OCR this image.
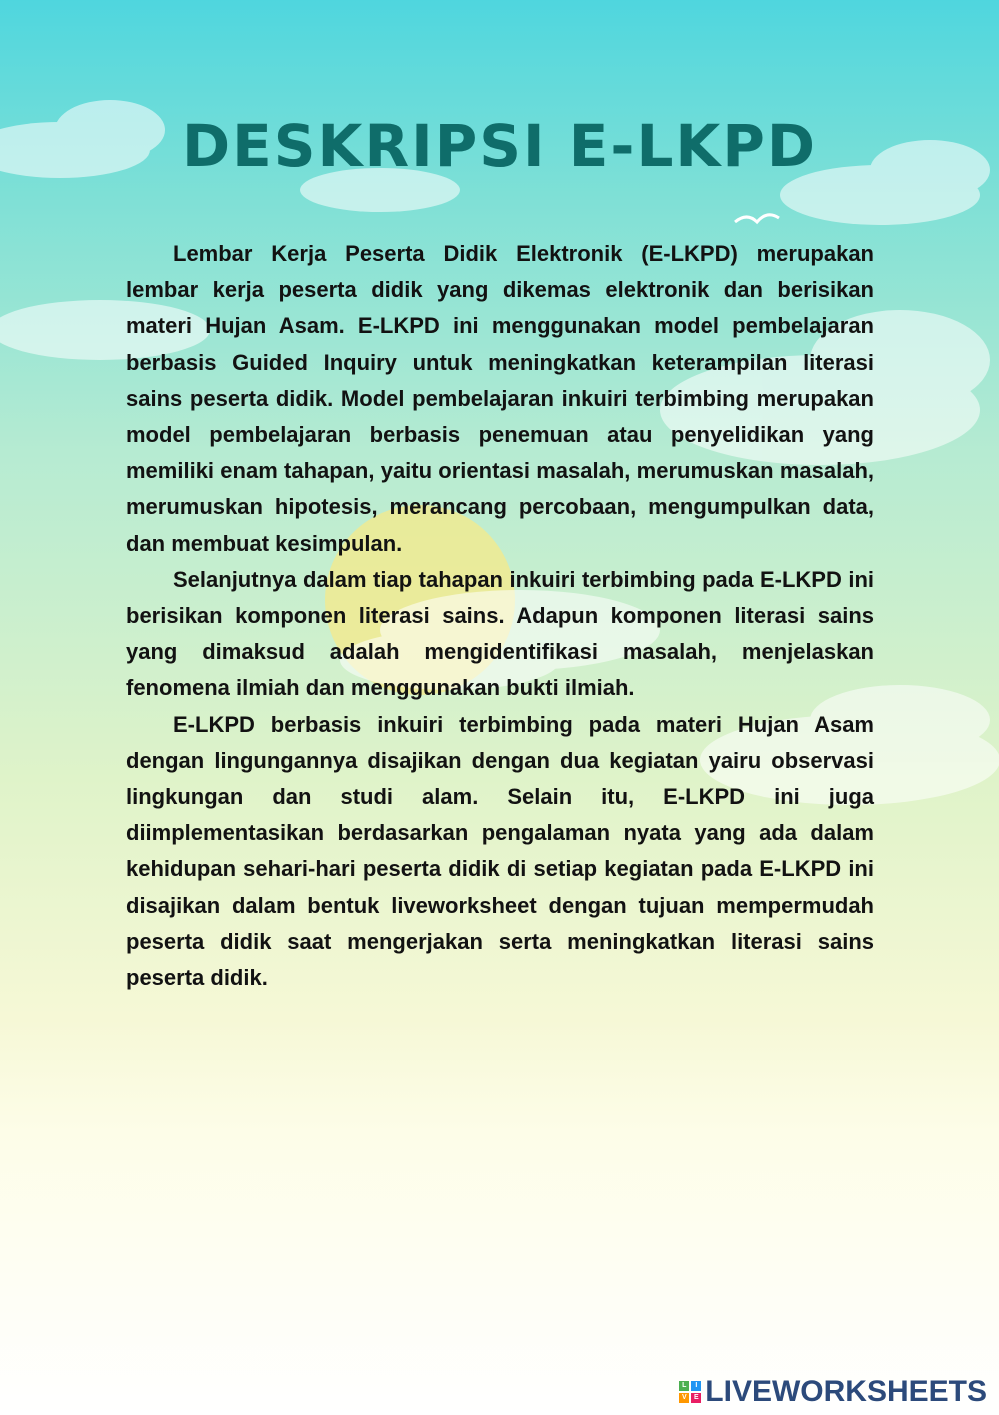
DESKRIPSI E-LKPD

Lembar Kerja Peserta Didik Elektronik (E-LKPD) merupakan lembar kerja peserta didik yang dikemas elektronik dan berisikan materi Hujan Asam. E-LKPD ini menggunakan model pembelajaran berbasis Guided Inquiry untuk meningkatkan keterampilan literasi sains peserta didik. Model pembelajaran inkuiri terbimbing merupakan model pembelajaran berbasis penemuan atau penyelidikan yang memiliki enam tahapan, yaitu orientasi masalah, merumuskan masalah, merumuskan hipotesis, merancang percobaan, mengumpulkan data, dan membuat kesimpulan.

Selanjutnya dalam tiap tahapan inkuiri terbimbing pada E-LKPD ini berisikan komponen literasi sains. Adapun komponen literasi sains yang dimaksud adalah mengidentifikasi masalah, menjelaskan fenomena ilmiah dan menggunakan bukti ilmiah.

E-LKPD berbasis inkuiri terbimbing pada materi Hujan Asam dengan lingungannya disajikan dengan dua kegiatan yairu observasi lingkungan dan studi alam. Selain itu, E-LKPD ini juga diimplementasikan berdasarkan pengalaman nyata yang ada dalam kehidupan sehari-hari peserta didik di setiap kegiatan pada E-LKPD ini disajikan dalam bentuk liveworksheet dengan tujuan mempermudah peserta didik saat mengerjakan serta meningkatkan literasi sains peserta didik.

L	I
V	E LIVEWORKSHEETS
